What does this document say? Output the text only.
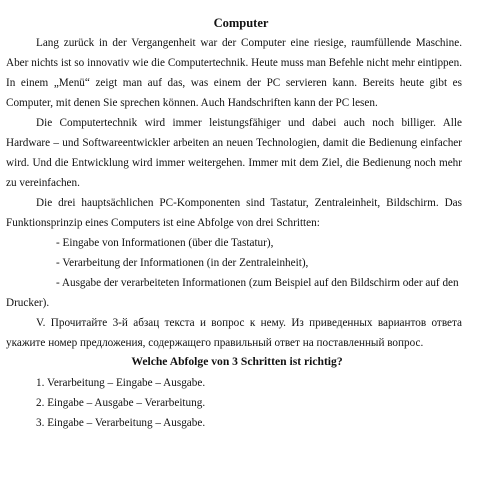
Computer

Lang zurück in der Vergangenheit war der Computer eine riesige, raumfüllende Maschine. Aber nichts ist so innovativ wie die Computertechnik. Heute muss man Befehle nicht mehr eintippen. In einem „Menü“ zeigt man auf das, was einem der PC servieren kann. Bereits heute gibt es Computer, mit denen Sie sprechen können. Auch Handschriften kann der PC lesen.

Die Computertechnik wird immer leistungsfähiger und dabei auch noch billiger. Alle Hardware – und Softwareentwickler arbeiten an neuen Technologien, damit die Bedienung einfacher wird. Und die Entwicklung wird immer weitergehen. Immer mit dem Ziel, die Bedienung noch mehr zu vereinfachen.

Die drei hauptsächlichen PC-Komponenten sind Tastatur, Zentraleinheit, Bildschirm. Das Funktionsprinzip eines Computers ist eine Abfolge von drei Schritten:

- Eingabe von Informationen (über die Tastatur),
- Verarbeitung der Informationen (in der Zentraleinheit),
- Ausgabe der verarbeiteten Informationen (zum Beispiel auf den Bildschirm oder auf den Drucker).

V. Прочитайте 3-й абзац текста и вопрос к нему. Из приведенных вариантов ответа укажите номер предложения, содержащего правильный ответ на поставленный вопрос.

Welche Abfolge von 3 Schritten ist richtig?

1. Verarbeitung – Eingabe – Ausgabe.
2. Eingabe – Ausgabe – Verarbeitung.
3. Eingabe – Verarbeitung – Ausgabe.
